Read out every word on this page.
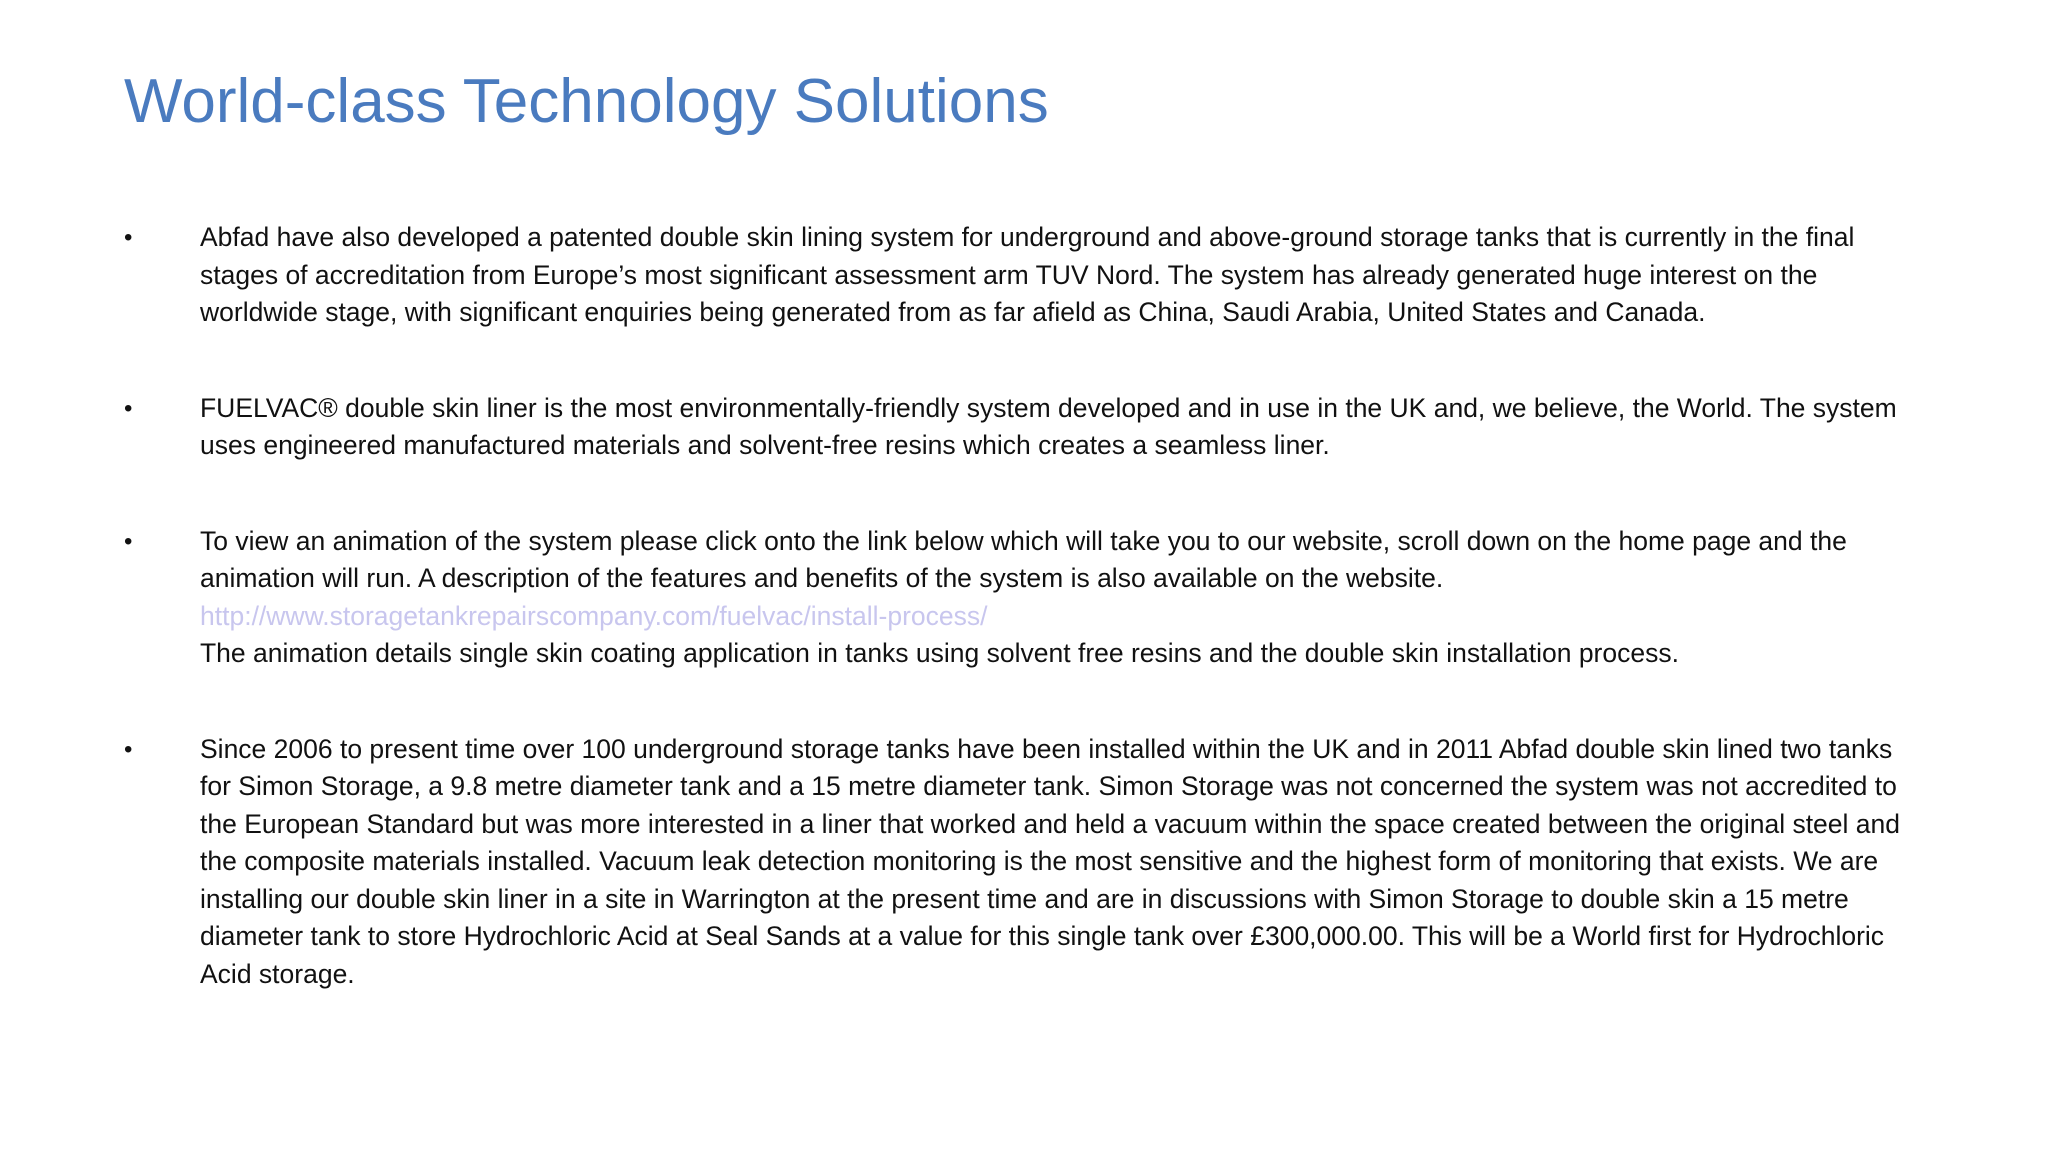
World-class Technology Solutions
•	Abfad have also developed a patented double skin lining system for underground and above-ground storage tanks that is currently in the final stages of accreditation from Europe’s most significant assessment arm TUV Nord. The system has already generated huge interest on the worldwide stage, with significant enquiries being generated from as far afield as China, Saudi Arabia, United States and Canada.
•	FUELVAC® double skin liner is the most environmentally-friendly system developed and in use in the UK and, we believe, the World. The system uses engineered manufactured materials and solvent-free resins which creates a seamless liner.
•	To view an animation of the system please click onto the link below which will take you to our website, scroll down on the home page and the animation will run. A description of the features and benefits of the system is also available on the website.
http://www.storagetankrepairscompany.com/fuelvac/install-process/
The animation details single skin coating application in tanks using solvent free resins and the double skin installation process.
•	Since 2006 to present time over 100 underground storage tanks have been installed within the UK and in 2011 Abfad double skin lined two tanks for Simon Storage, a 9.8 metre diameter tank and a 15 metre diameter tank. Simon Storage was not concerned the system was not accredited to the European Standard but was more interested in a liner that worked and held a vacuum within the space created between the original steel and the composite materials installed. Vacuum leak detection monitoring is the most sensitive and the highest form of monitoring that exists. We are installing our double skin liner in a site in Warrington at the present time and are in discussions with Simon Storage to double skin a 15 metre diameter tank to store Hydrochloric Acid at Seal Sands at a value for this single tank over £300,000.00. This will be a World first for Hydrochloric Acid storage.
